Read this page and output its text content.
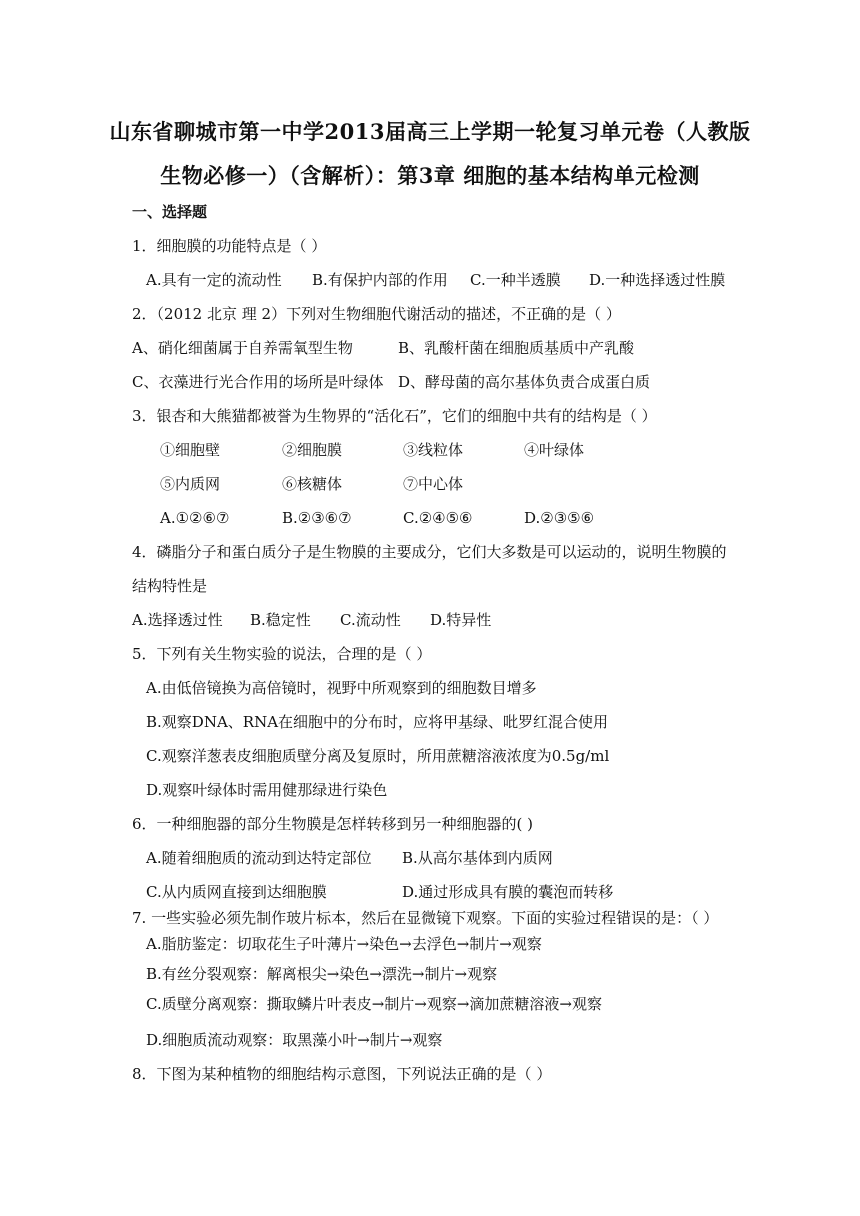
山东省聊城市第一中学2013届高三上学期一轮复习单元卷（人教版
生物必修一）（含解析）：第3章 细胞的基本结构单元检测
一、选择题
1．细胞膜的功能特点是（ ）
A.具有一定的流动性 B.有保护内部的作用 C.一种半透膜 D.一种选择透过性膜
2．（2012 北京 理 2）下列对生物细胞代谢活动的描述，不正确的是（ ）
A、硝化细菌属于自养需氧型生物	B、乳酸杆菌在细胞质基质中产乳酸
C、衣藻进行光合作用的场所是叶绿体 D、酵母菌的高尔基体负责合成蛋白质
3．银杏和大熊猫都被誉为生物界的“活化石”，它们的细胞中共有的结构是（ ）
①细胞壁	②细胞膜	③线粒体	④叶绿体
⑤内质网	⑥核糖体	⑦中心体
A.①②⑥⑦	B.②③⑥⑦	C.②④⑤⑥	D.②③⑤⑥
4．磷脂分子和蛋白质分子是生物膜的主要成分，它们大多数是可以运动的，说明生物膜的
结构特性是
A.选择透过性 B.稳定性 C.流动性 D.特异性
5．下列有关生物实验的说法，合理的是（ ）
A.由低倍镜换为高倍镜时，视野中所观察到的细胞数目增多
B.观察DNA、RNA在细胞中的分布时，应将甲基绿、吡罗红混合使用
C.观察洋葱表皮细胞质壁分离及复原时，所用蔗糖溶液浓度为0.5g/ml
D.观察叶绿体时需用健那绿进行染色
6．一种细胞器的部分生物膜是怎样转移到另一种细胞器的( )
A.随着细胞质的流动到达特定部位 B.从高尔基体到内质网
C.从内质网直接到达细胞膜	D.通过形成具有膜的囊泡而转移
7. 一些实验必须先制作玻片标本，然后在显微镜下观察。下面的实验过程错误的是：（ ）
A.脂肪鉴定：切取花生子叶薄片→染色→去浮色→制片→观察
B.有丝分裂观察：解离根尖→染色→漂洗→制片→观察
C.质壁分离观察：撕取鳞片叶表皮→制片→观察→滴加蔗糖溶液→观察
D.细胞质流动观察：取黑藻小叶→制片→观察
8．下图为某种植物的细胞结构示意图，下列说法正确的是（ ）
